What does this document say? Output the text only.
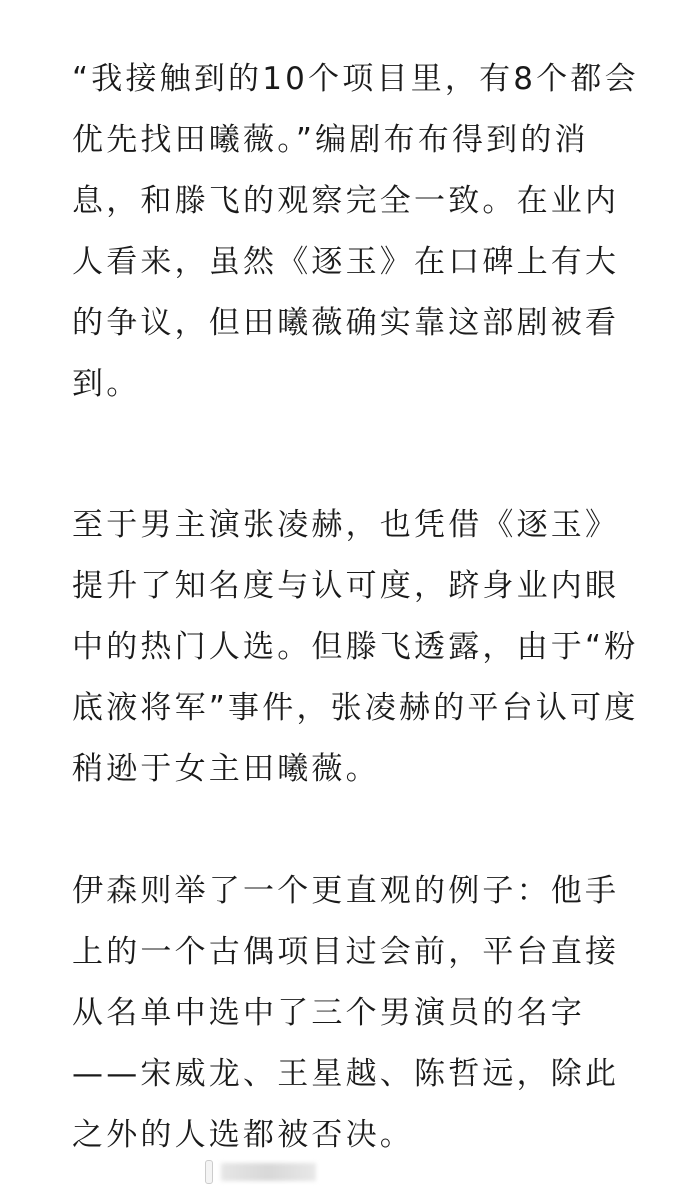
“我接触到的10个项目里，有8个都会
优先找田曦薇。”编剧布布得到的消
息，和滕飞的观察完全一致。在业内
人看来，虽然《逐玉》在口碑上有大
的争议，但田曦薇确实靠这部剧被看
到。
至于男主演张凌赫，也凭借《逐玉》
提升了知名度与认可度，跻身业内眼
中的热门人选。但滕飞透露，由于“粉
底液将军”事件，张凌赫的平台认可度
稍逊于女主田曦薇。
伊森则举了一个更直观的例子：他手
上的一个古偶项目过会前，平台直接
从名单中选中了三个男演员的名字
——宋威龙、王星越、陈哲远，除此
之外的人选都被否决。
